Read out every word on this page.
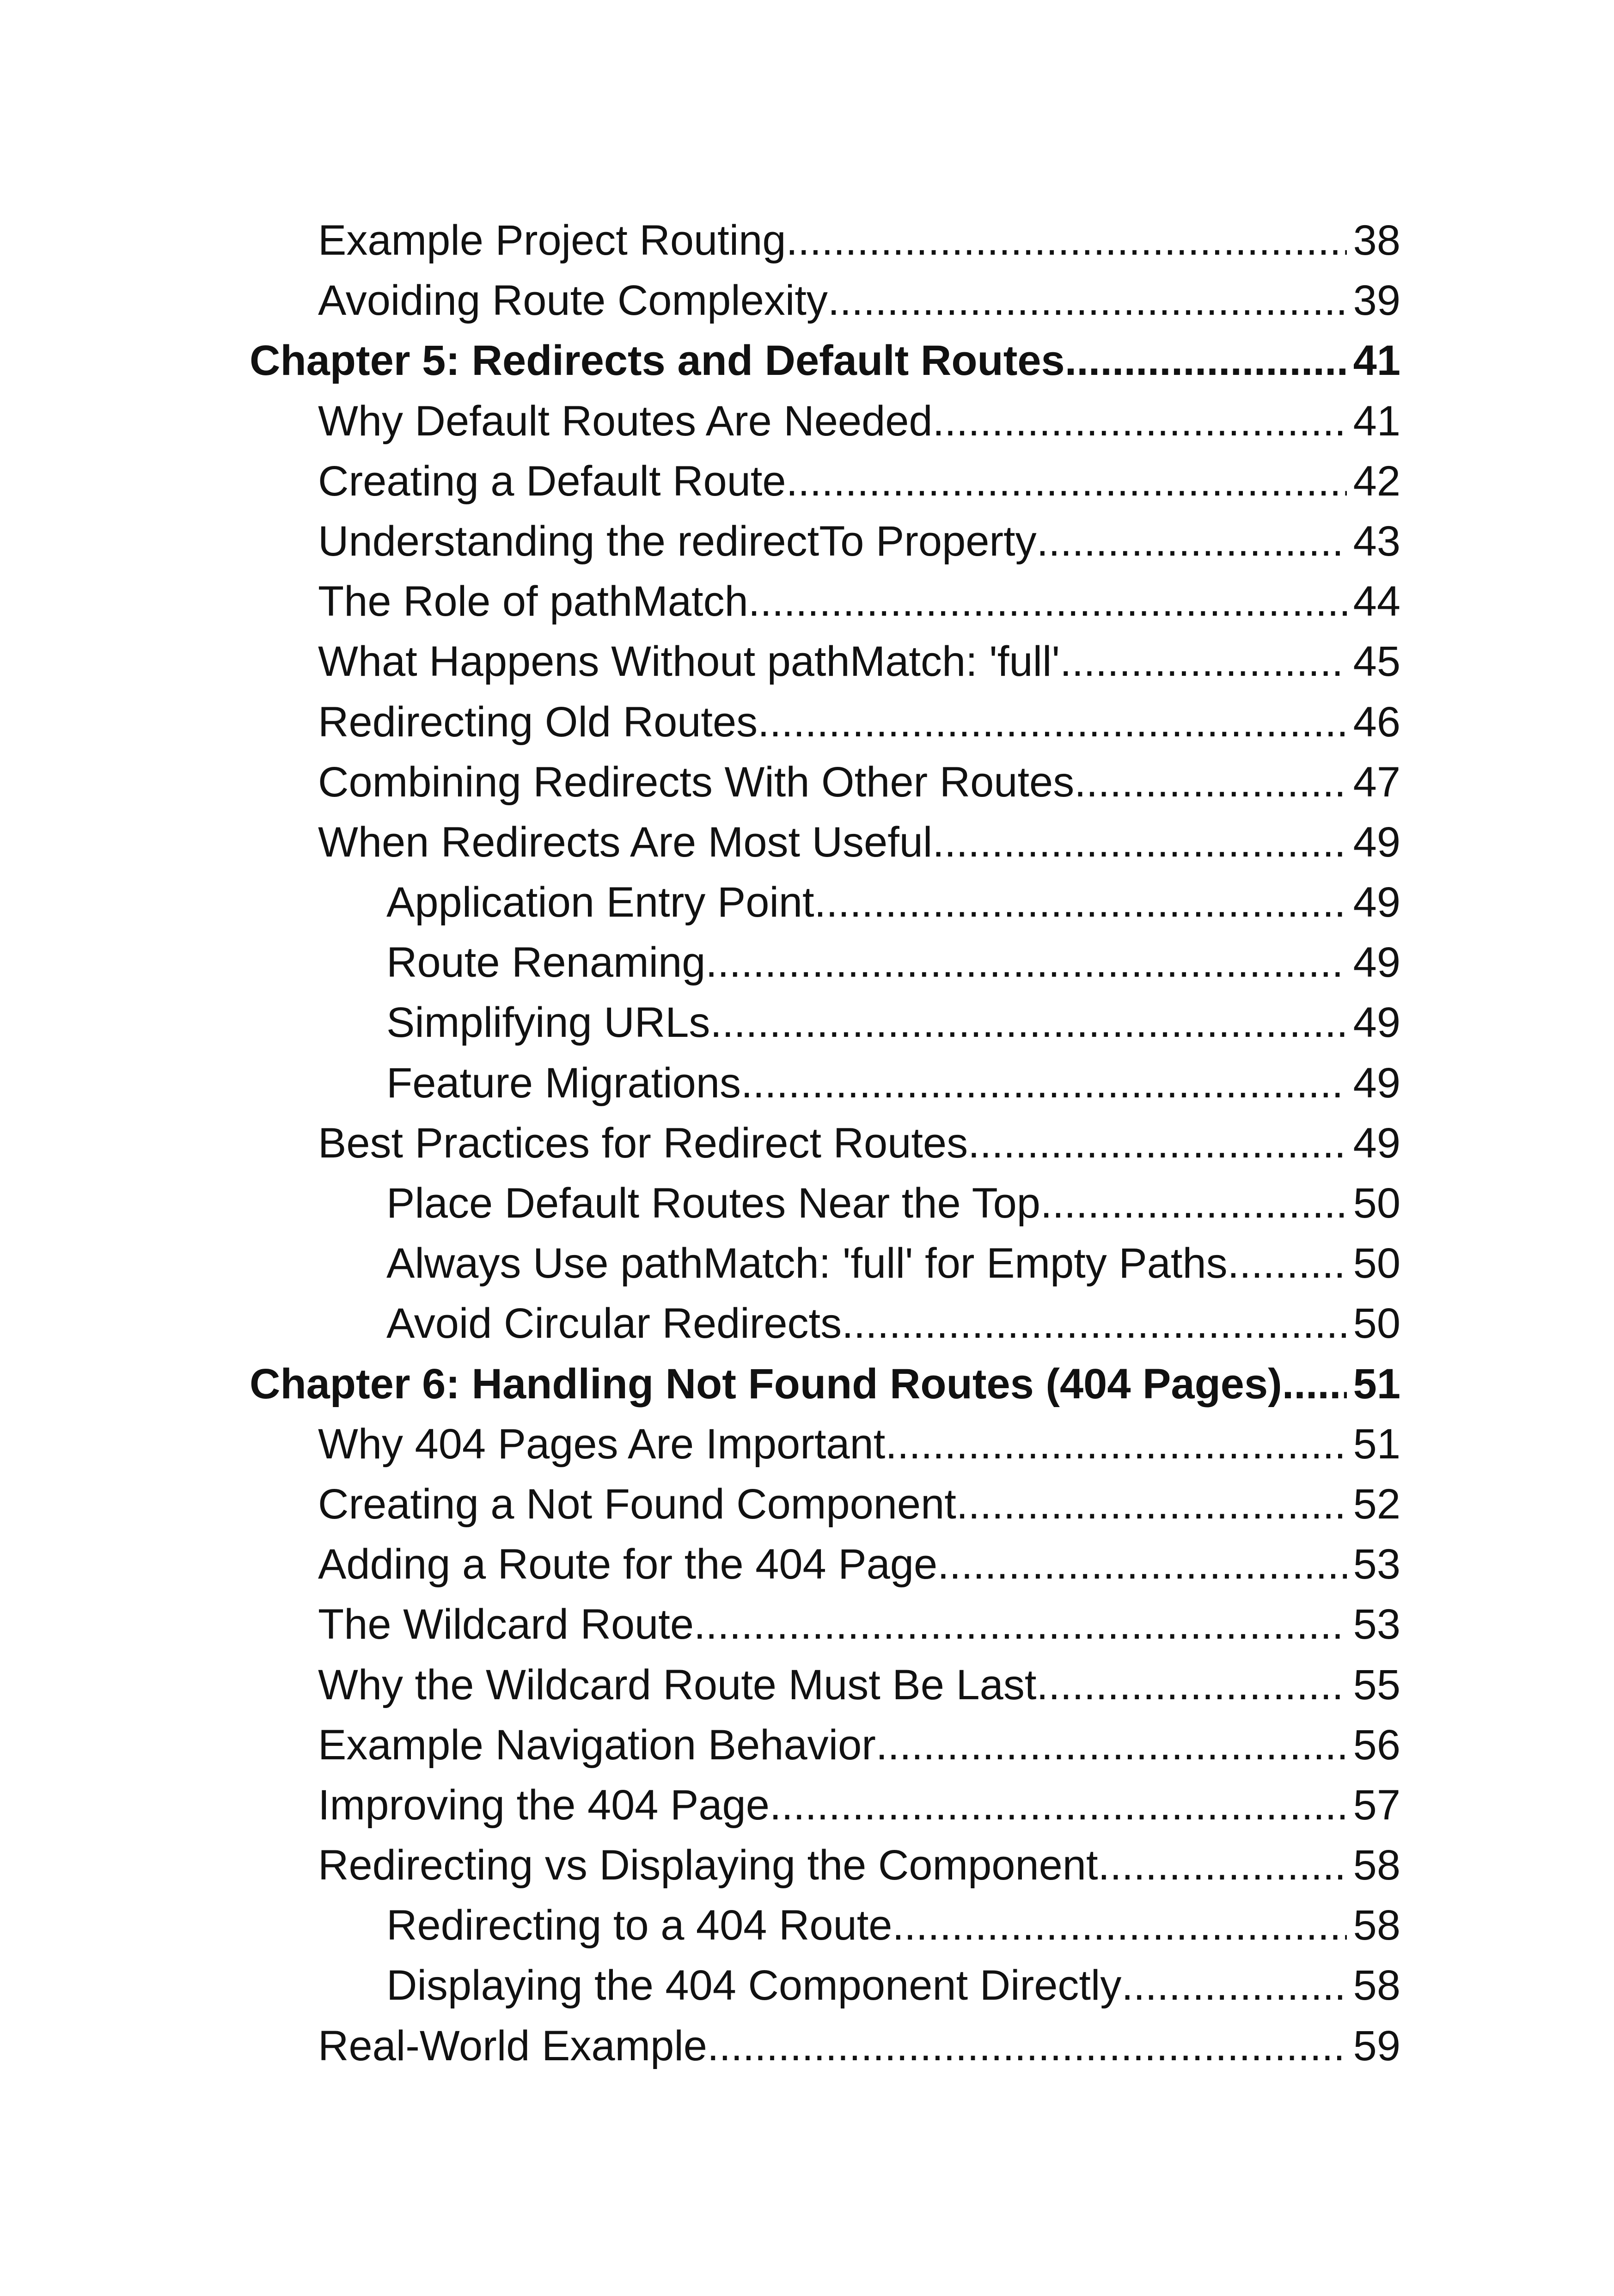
Example Project Routing .....	38
Avoiding Route Complexity .....	39
Chapter 5: Redirects and Default Routes .....	41
Why Default Routes Are Needed .....	41
Creating a Default Route .....	42
Understanding the redirectTo Property .....	43
The Role of pathMatch .....	44
What Happens Without pathMatch: 'full' .....	45
Redirecting Old Routes .....	46
Combining Redirects With Other Routes .....	47
When Redirects Are Most Useful .....	49
Application Entry Point .....	49
Route Renaming .....	49
Simplifying URLs .....	49
Feature Migrations .....	49
Best Practices for Redirect Routes .....	49
Place Default Routes Near the Top .....	50
Always Use pathMatch: 'full' for Empty Paths .....	50
Avoid Circular Redirects .....	50
Chapter 6: Handling Not Found Routes (404 Pages) ..... 51
Why 404 Pages Are Important .....	51
Creating a Not Found Component .....	52
Adding a Route for the 404 Page .....	53
The Wildcard Route .....	53
Why the Wildcard Route Must Be Last .....	55
Example Navigation Behavior .....	56
Improving the 404 Page .....	57
Redirecting vs Displaying the Component .....	58
Redirecting to a 404 Route .....	58
Displaying the 404 Component Directly .....	58
Real-World Example .....	59
